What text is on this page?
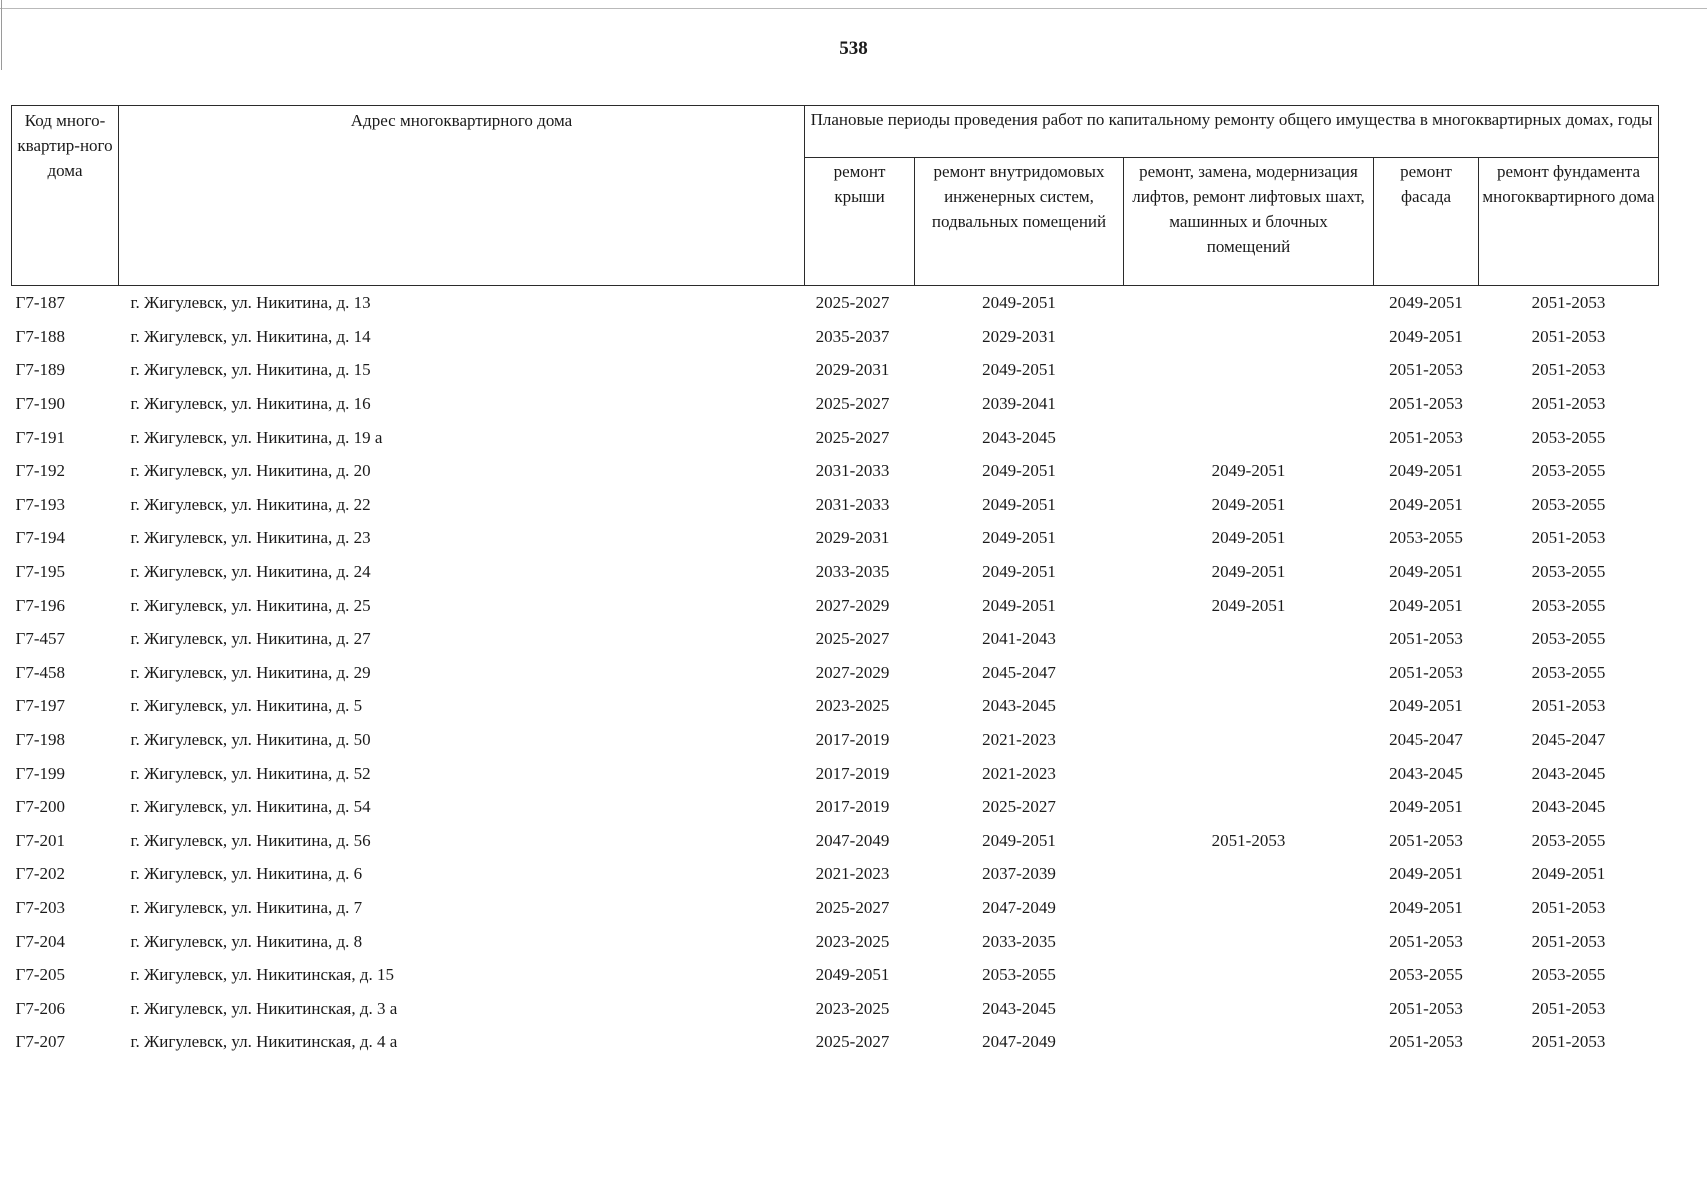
538
Код много-квартир-ного дома	Адрес многоквартирного дома	Плановые периоды проведения работ по капитальному ремонту общего имущества в многоквартирных домах, годы				
		ремонт крыши	ремонт внутридомовых инженерных систем, подвальных помещений	ремонт, замена, модернизация лифтов, ремонт лифтовых шахт, машинных и блочных помещений	ремонт фасада	ремонт фундамента многоквартирного дома
Г7-187	г. Жигулевск, ул. Никитина, д. 13	2025-2027	2049-2051		2049-2051	2051-2053
Г7-188	г. Жигулевск, ул. Никитина, д. 14	2035-2037	2029-2031		2049-2051	2051-2053
Г7-189	г. Жигулевск, ул. Никитина, д. 15	2029-2031	2049-2051		2051-2053	2051-2053
Г7-190	г. Жигулевск, ул. Никитина, д. 16	2025-2027	2039-2041		2051-2053	2051-2053
Г7-191	г. Жигулевск, ул. Никитина, д. 19 а	2025-2027	2043-2045		2051-2053	2053-2055
Г7-192	г. Жигулевск, ул. Никитина, д. 20	2031-2033	2049-2051	2049-2051	2049-2051	2053-2055
Г7-193	г. Жигулевск, ул. Никитина, д. 22	2031-2033	2049-2051	2049-2051	2049-2051	2053-2055
Г7-194	г. Жигулевск, ул. Никитина, д. 23	2029-2031	2049-2051	2049-2051	2053-2055	2051-2053
Г7-195	г. Жигулевск, ул. Никитина, д. 24	2033-2035	2049-2051	2049-2051	2049-2051	2053-2055
Г7-196	г. Жигулевск, ул. Никитина, д. 25	2027-2029	2049-2051	2049-2051	2049-2051	2053-2055
Г7-457	г. Жигулевск, ул. Никитина, д. 27	2025-2027	2041-2043		2051-2053	2053-2055
Г7-458	г. Жигулевск, ул. Никитина, д. 29	2027-2029	2045-2047		2051-2053	2053-2055
Г7-197	г. Жигулевск, ул. Никитина, д. 5	2023-2025	2043-2045		2049-2051	2051-2053
Г7-198	г. Жигулевск, ул. Никитина, д. 50	2017-2019	2021-2023		2045-2047	2045-2047
Г7-199	г. Жигулевск, ул. Никитина, д. 52	2017-2019	2021-2023		2043-2045	2043-2045
Г7-200	г. Жигулевск, ул. Никитина, д. 54	2017-2019	2025-2027		2049-2051	2043-2045
Г7-201	г. Жигулевск, ул. Никитина, д. 56	2047-2049	2049-2051	2051-2053	2051-2053	2053-2055
Г7-202	г. Жигулевск, ул. Никитина, д. 6	2021-2023	2037-2039		2049-2051	2049-2051
Г7-203	г. Жигулевск, ул. Никитина, д. 7	2025-2027	2047-2049		2049-2051	2051-2053
Г7-204	г. Жигулевск, ул. Никитина, д. 8	2023-2025	2033-2035		2051-2053	2051-2053
Г7-205	г. Жигулевск, ул. Никитинская, д. 15	2049-2051	2053-2055		2053-2055	2053-2055
Г7-206	г. Жигулевск, ул. Никитинская, д. 3 а	2023-2025	2043-2045		2051-2053	2051-2053
Г7-207	г. Жигулевск, ул. Никитинская, д. 4 а	2025-2027	2047-2049		2051-2053	2051-2053
